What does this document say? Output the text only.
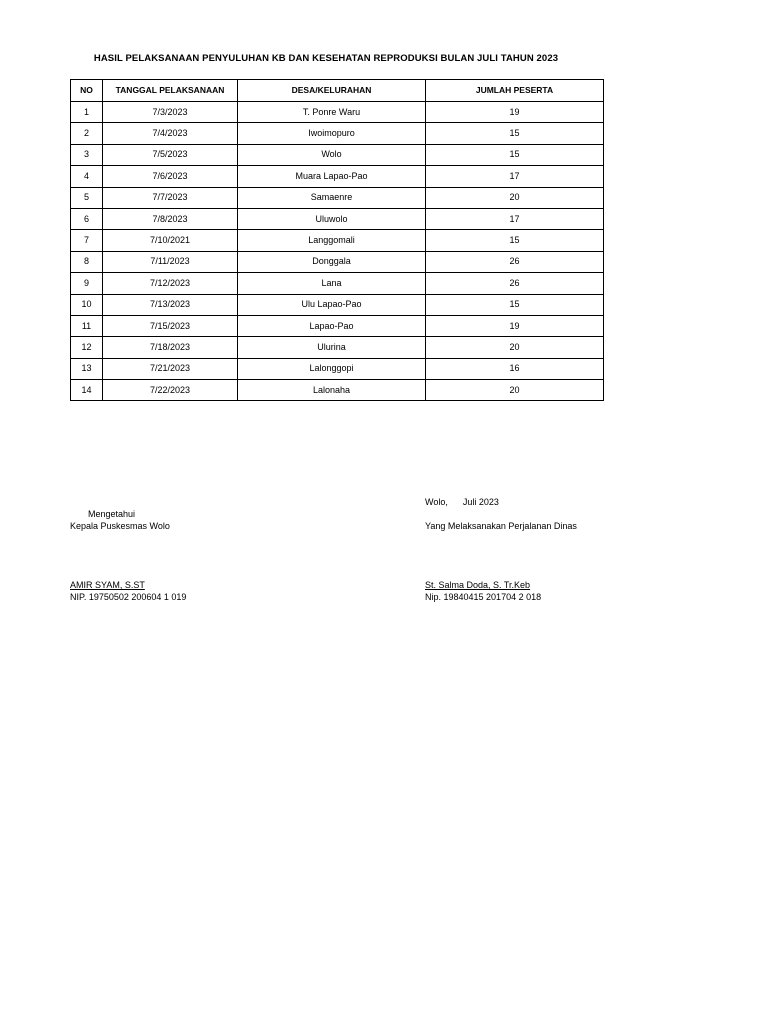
HASIL PELAKSANAAN PENYULUHAN KB DAN KESEHATAN REPRODUKSI BULAN JULI TAHUN 2023
NO	TANGGAL PELAKSANAAN	DESA/KELURAHAN	JUMLAH PESERTA
1	7/3/2023	T. Ponre Waru	19
2	7/4/2023	Iwoimopuro	15
3	7/5/2023	Wolo	15
4	7/6/2023	Muara Lapao-Pao	17
5	7/7/2023	Samaenre	20
6	7/8/2023	Uluwolo	17
7	7/10/2021	Langgomali	15
8	7/11/2023	Donggala	26
9	7/12/2023	Lana	26
10	7/13/2023	Ulu Lapao-Pao	15
11	7/15/2023	Lapao-Pao	19
12	7/18/2023	Ulurina	20
13	7/21/2023	Lalonggopi	16
14	7/22/2023	Lalonaha	20
Mengetahui
Kepala Puskesmas Wolo
AMIR SYAM, S.ST
NIP. 19750502 200604 1 019
Wolo,      Juli 2023
Yang Melaksanakan Perjalanan Dinas
St. Salma Doda, S. Tr.Keb
Nip. 19840415 201704 2 018
